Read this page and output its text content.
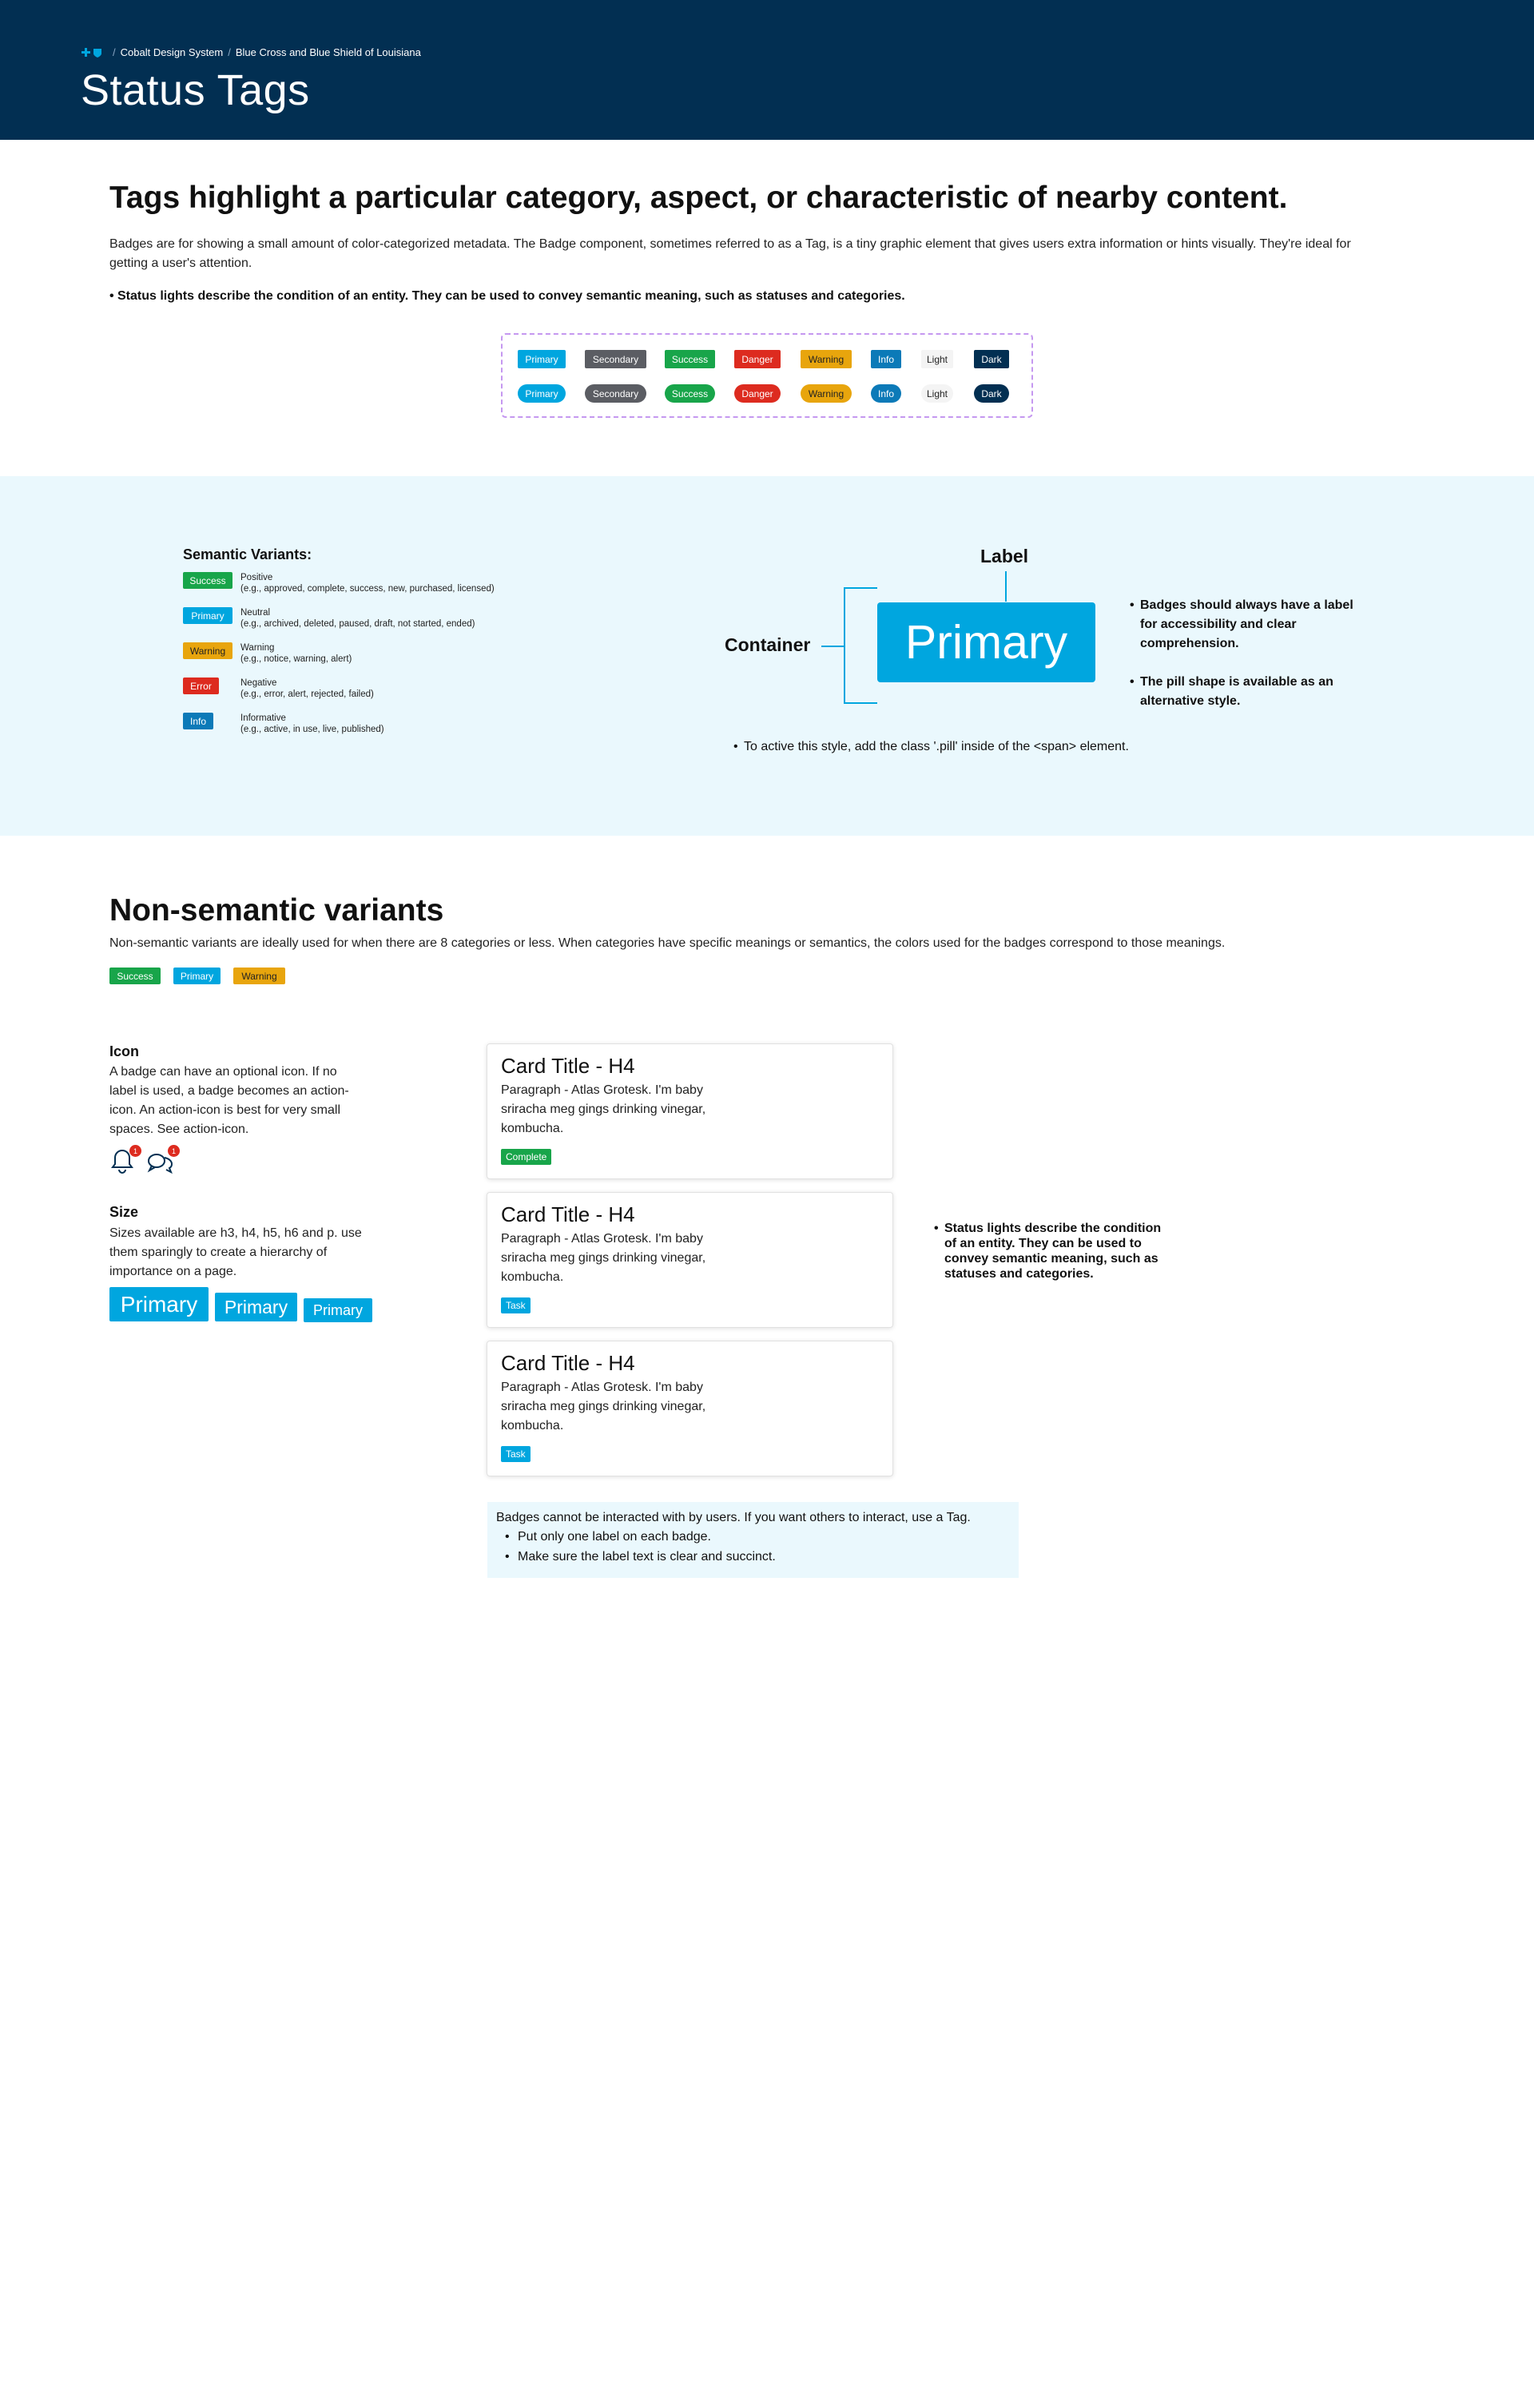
/ Cobalt Design System / Blue Cross and Blue Shield of Louisiana
Status Tags
Tags highlight a particular category, aspect, or characteristic of nearby content.
Badges are for showing a small amount of color-categorized metadata. The Badge component, sometimes referred to as a Tag, is a tiny graphic element that gives users extra information or hints visually. They're ideal for getting a user's attention.
• Status lights describe the condition of an entity. They can be used to convey semantic meaning, such as statuses and categories.
Primary	Secondary	Success	Danger	Warning	Info	Light	Dark
Primary	Secondary	Success	Danger	Warning	Info	Light	Dark
Semantic Variants:
Success	Positive
(e.g., approved, complete, success, new, purchased, licensed)
Primary	Neutral
(e.g., archived, deleted, paused, draft, not started, ended)
Warning	Warning
(e.g., notice, warning, alert)
Error	Negative
(e.g., error, alert, rejected, failed)
Info	Informative
(e.g., active, in use, live, published)
Label
Container	Primary
• Badges should always have a label for accessibility and clear comprehension.
• The pill shape is available as an alternative style.
• To active this style, add the class '.pill' inside of the <span> element.
Non-semantic variants
Non-semantic variants are ideally used for when there are 8 categories or less. When categories have specific meanings or semantics, the colors used for the badges correspond to those meanings.
Success	Primary	Warning
Icon
A badge can have an optional icon. If no label is used, a badge becomes an action-icon. An action-icon is best for very small spaces. See action-icon.
1	1
Size
Sizes available are h3, h4, h5, h6 and p. use them sparingly to create a hierarchy of importance on a page.
Primary	Primary	Primary
Card Title - H4
Paragraph - Atlas Grotesk. I'm baby sriracha meg gings drinking vinegar, kombucha.
Complete
Card Title - H4
Paragraph - Atlas Grotesk. I'm baby sriracha meg gings drinking vinegar, kombucha.
Task
Card Title - H4
Paragraph - Atlas Grotesk. I'm baby sriracha meg gings drinking vinegar, kombucha.
Task
• Status lights describe the condition of an entity. They can be used to convey semantic meaning, such as statuses and categories.
Badges cannot be interacted with by users. If you want others to interact, use a Tag.
• Put only one label on each badge.
• Make sure the label text is clear and succinct.
